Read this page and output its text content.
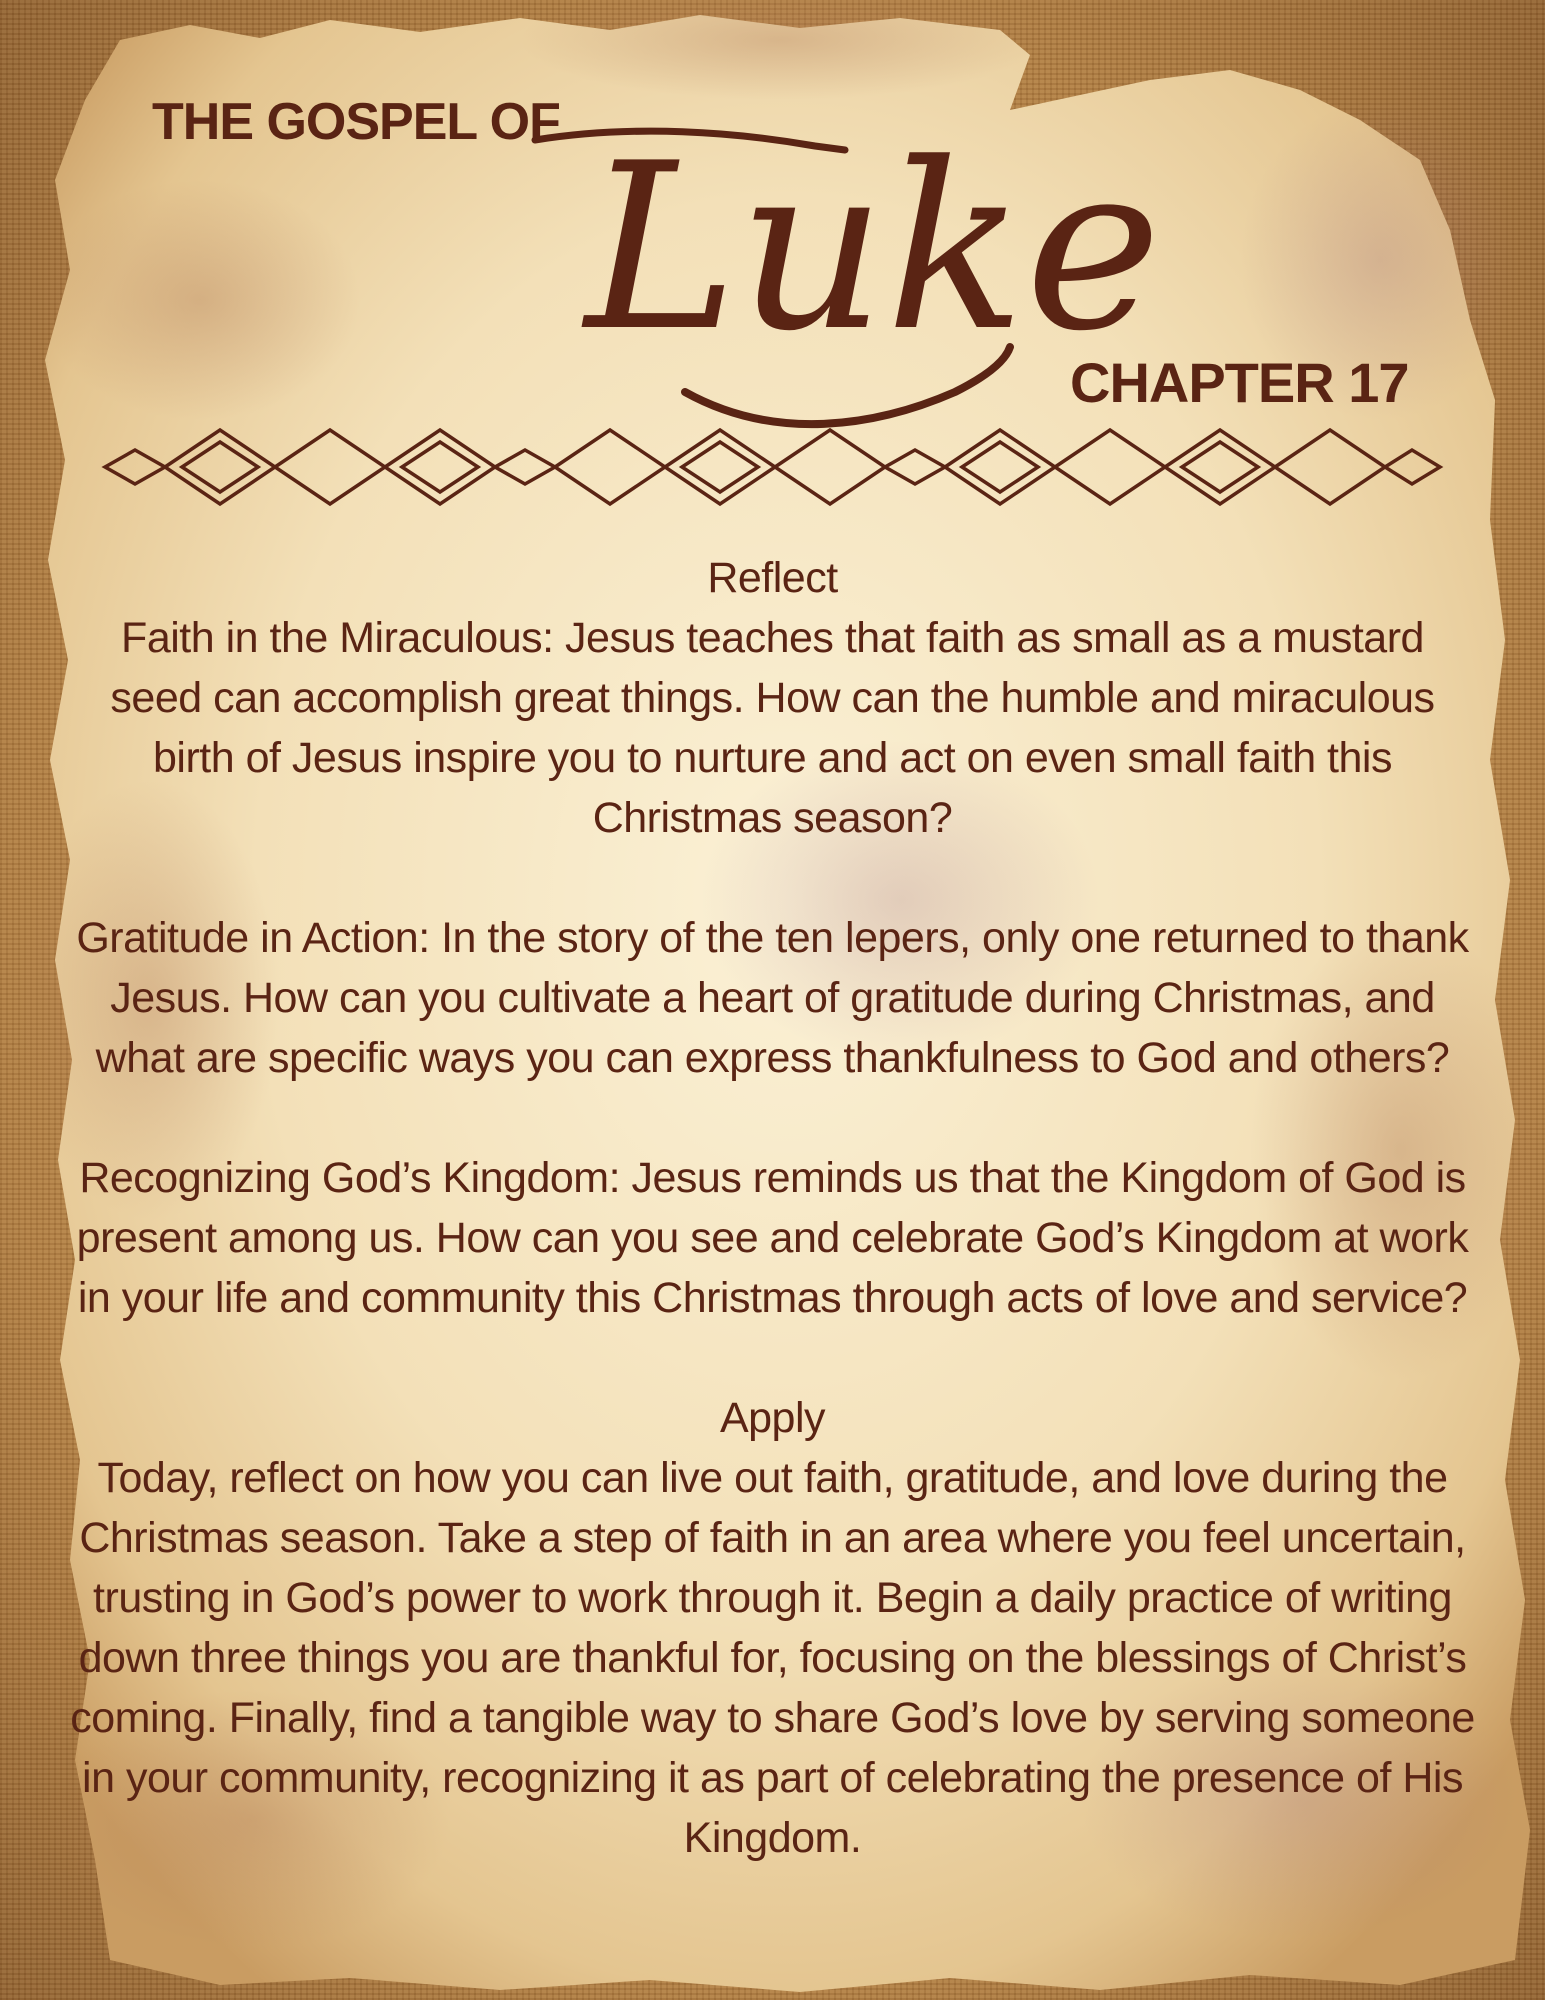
THE GOSPEL OF Luke
CHAPTER 17

Reflect

Faith in the Miraculous: Jesus teaches that faith as small as a mustard seed can accomplish great things. How can the humble and miraculous birth of Jesus inspire you to nurture and act on even small faith this Christmas season?

Gratitude in Action: In the story of the ten lepers, only one returned to thank Jesus. How can you cultivate a heart of gratitude during Christmas, and what are specific ways you can express thankfulness to God and others?

Recognizing God’s Kingdom: Jesus reminds us that the Kingdom of God is present among us. How can you see and celebrate God’s Kingdom at work in your life and community this Christmas through acts of love and service?

Apply

Today, reflect on how you can live out faith, gratitude, and love during the Christmas season. Take a step of faith in an area where you feel uncertain, trusting in God’s power to work through it. Begin a daily practice of writing down three things you are thankful for, focusing on the blessings of Christ’s coming. Finally, find a tangible way to share God’s love by serving someone in your community, recognizing it as part of celebrating the presence of His Kingdom.
